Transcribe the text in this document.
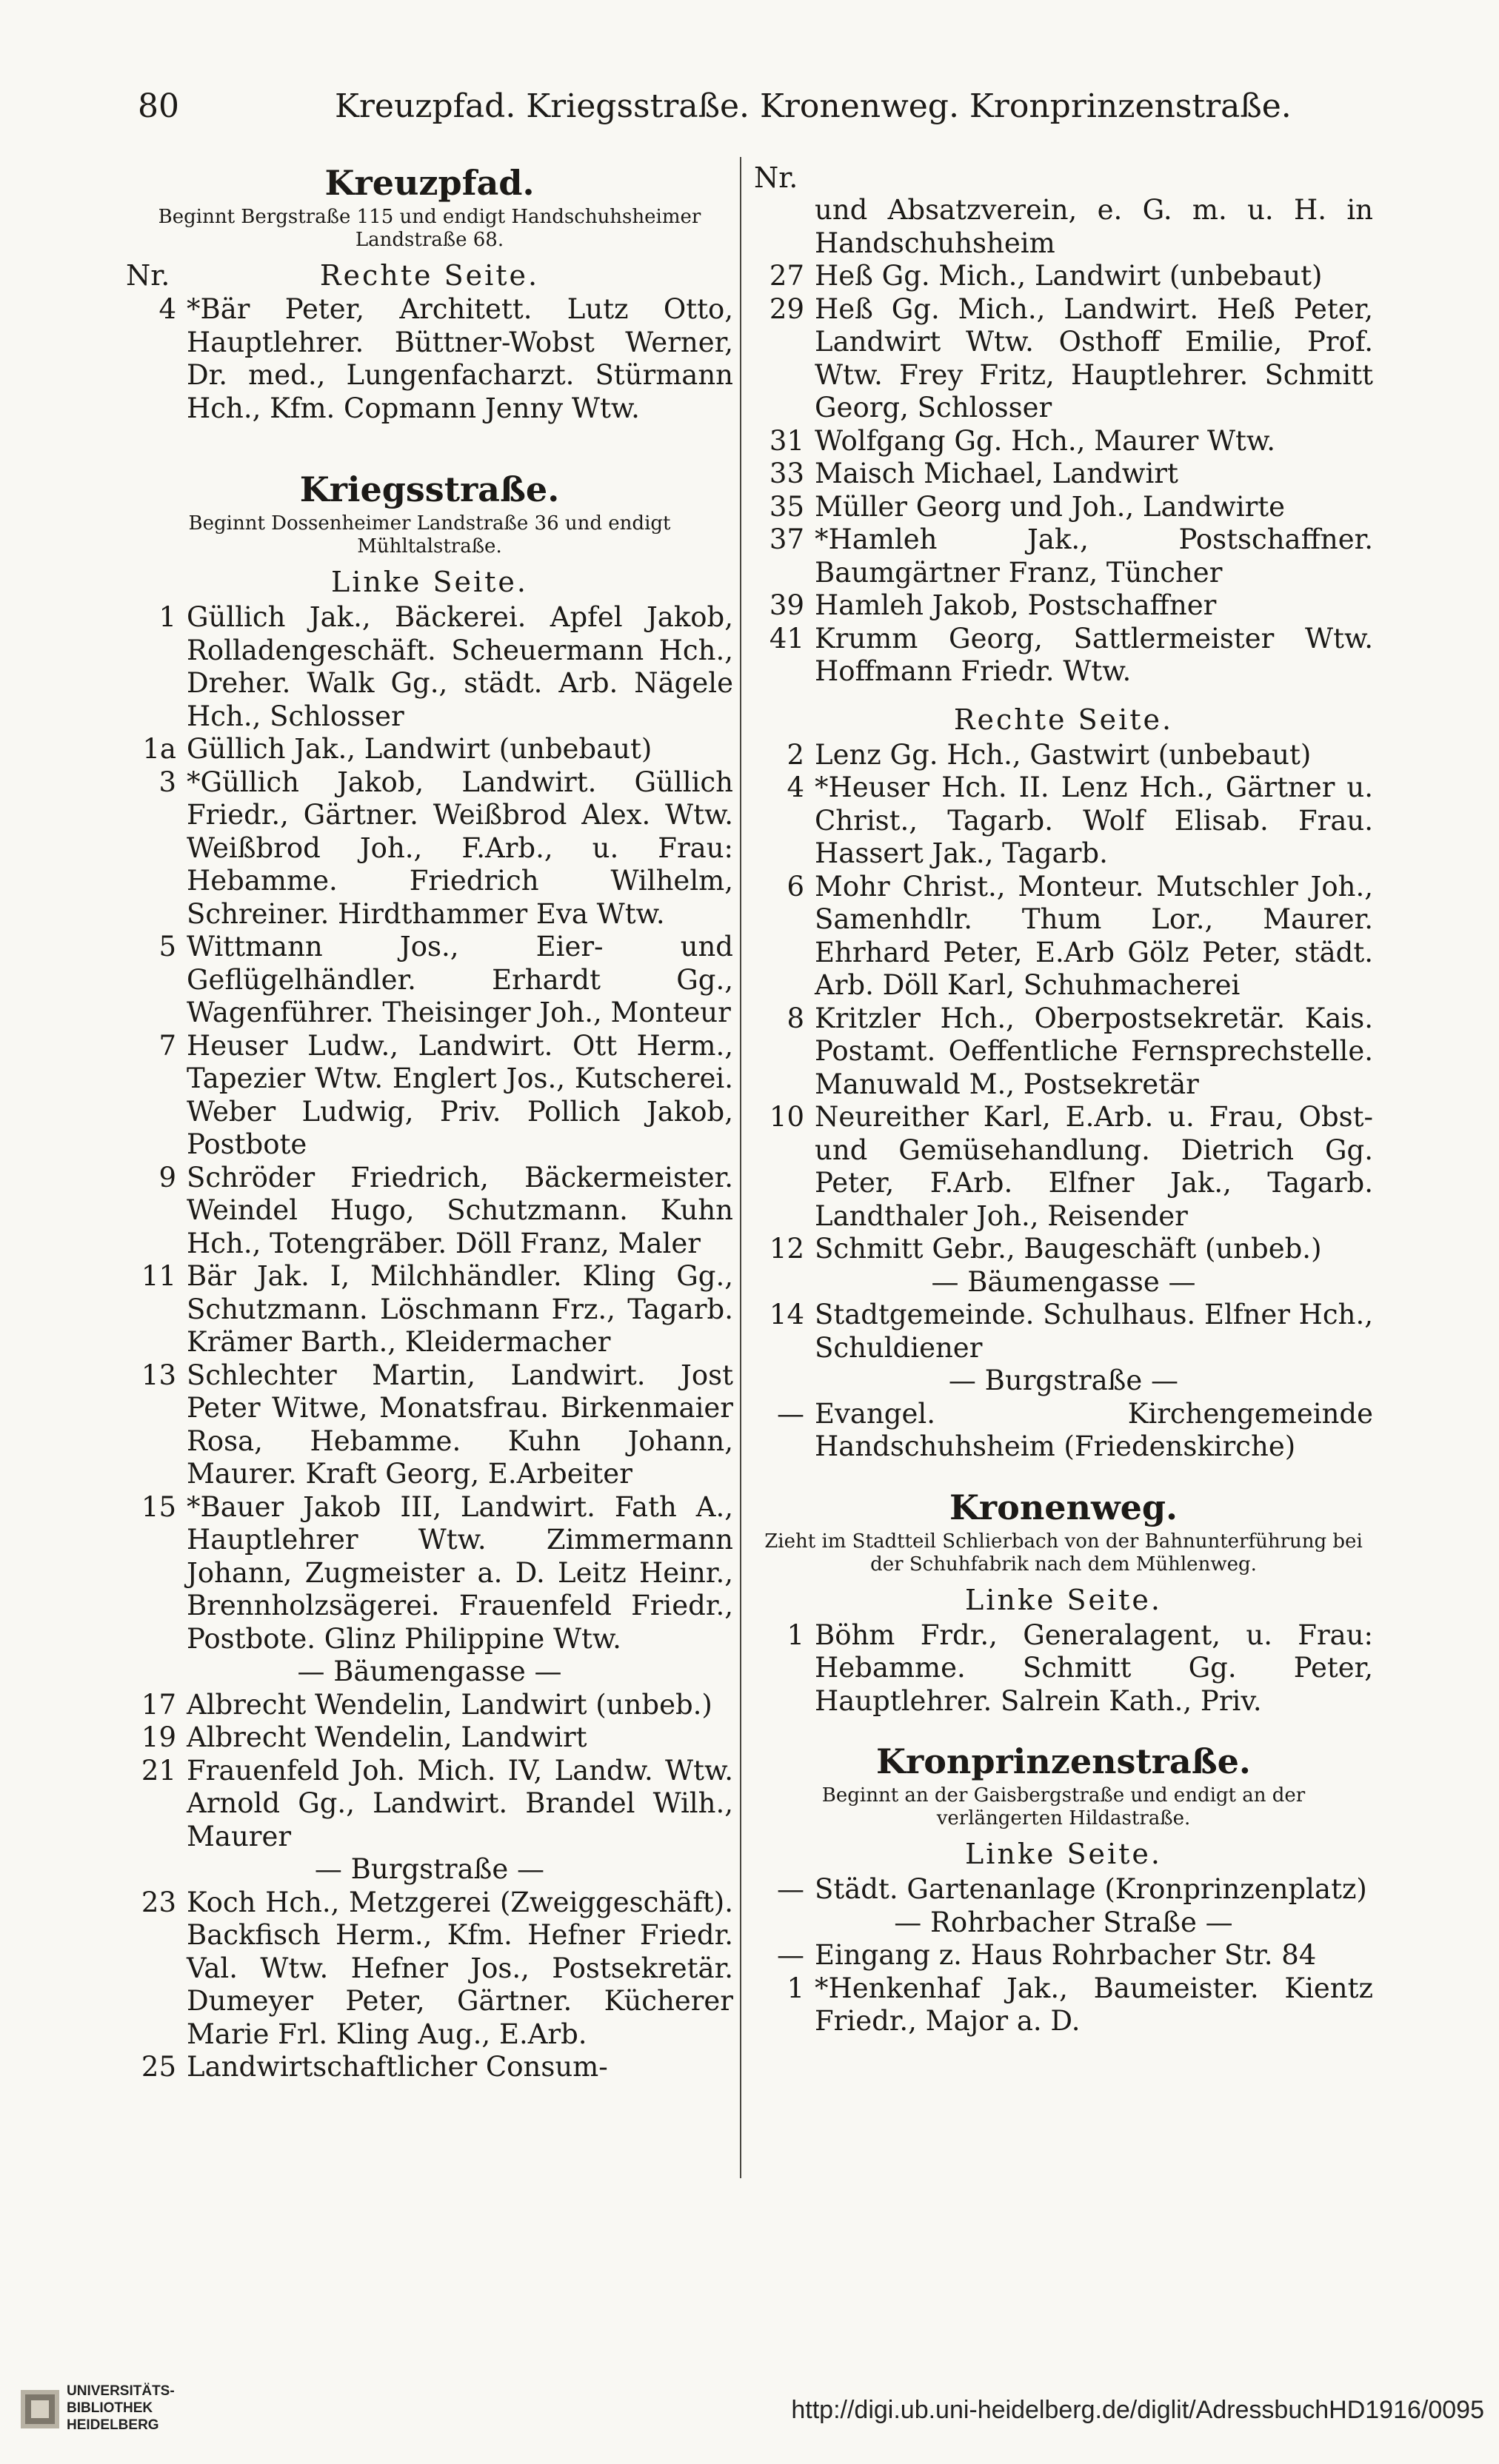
80	Kreuzpfad. Kriegsstraße. Kronenweg. Kronprinzenstraße.
Kreuzpfad.
Beginnt Bergstraße 115 und endigt Handschuhsheimer Landstraße 68.
Nr.	Rechte Seite.
4 *Bär Peter, Architett. Lutz Otto, Hauptlehrer. Büttner-Wobst Werner, Dr. med., Lungenfacharzt. Stürmann Hch., Kfm. Copmann Jenny Wtw.
Kriegsstraße.
Beginnt Dossenheimer Landstraße 36 und endigt Mühltalstraße.
Linke Seite.
1 Güllich Jak., Bäckerei. Apfel Jakob, Rolladengeschäft. Scheuermann Hch., Dreher. Walk Gg., städt. Arb. Nägele Hch., Schlosser
1a Güllich Jak., Landwirt (unbebaut)
3 *Güllich Jakob, Landwirt. Güllich Friedr., Gärtner. Weißbrod Alex. Wtw. Weißbrod Joh., F.Arb., u. Frau: Hebamme. Friedrich Wilhelm, Schreiner. Hirdthammer Eva Wtw.
5 Wittmann Jos., Eier- und Geflügelhändler. Erhardt Gg., Wagenführer. Theisinger Joh., Monteur
7 Heuser Ludw., Landwirt. Ott Herm., Tapezier Wtw. Englert Jos., Kutscherei. Weber Ludwig, Priv. Pollich Jakob, Postbote
9 Schröder Friedrich, Bäckermeister. Weindel Hugo, Schutzmann. Kuhn Hch., Totengräber. Döll Franz, Maler
11 Bär Jak. I, Milchhändler. Kling Gg., Schutzmann. Löschmann Frz., Tagarb. Krämer Barth., Kleidermacher
13 Schlechter Martin, Landwirt. Jost Peter Witwe, Monatsfrau. Birkenmaier Rosa, Hebamme. Kuhn Johann, Maurer. Kraft Georg, E.Arbeiter
15 *Bauer Jakob III, Landwirt. Fath A., Hauptlehrer Wtw. Zimmermann Johann, Zugmeister a. D. Leitz Heinr., Brennholzsägerei. Frauenfeld Friedr., Postbote. Glinz Philippine Wtw.
— Bäumengasse —
17 Albrecht Wendelin, Landwirt (unbeb.)
19 Albrecht Wendelin, Landwirt
21 Frauenfeld Joh. Mich. IV, Landw. Wtw. Arnold Gg., Landwirt. Brandel Wilh., Maurer
— Burgstraße —
23 Koch Hch., Metzgerei (Zweiggeschäft). Backfisch Herm., Kfm. Hefner Friedr. Val. Wtw. Hefner Jos., Postsekretär. Dumeyer Peter, Gärtner. Kücherer Marie Frl. Kling Aug., E.Arb.
25 Landwirtschaftlicher Consum-
Nr.
und Absatzverein, e. G. m. u. H. in Handschuhsheim
27 Heß Gg. Mich., Landwirt (unbebaut)
29 Heß Gg. Mich., Landwirt. Heß Peter, Landwirt Wtw. Osthoff Emilie, Prof. Wtw. Frey Fritz, Hauptlehrer. Schmitt Georg, Schlosser
31 Wolfgang Gg. Hch., Maurer Wtw.
33 Maisch Michael, Landwirt
35 Müller Georg und Joh., Landwirte
37 *Hamleh Jak., Postschaffner. Baumgärtner Franz, Tüncher
39 Hamleh Jakob, Postschaffner
41 Krumm Georg, Sattlermeister Wtw. Hoffmann Friedr. Wtw.
Rechte Seite.
2 Lenz Gg. Hch., Gastwirt (unbebaut)
4 *Heuser Hch. II. Lenz Hch., Gärtner u. Christ., Tagarb. Wolf Elisab. Frau. Hassert Jak., Tagarb.
6 Mohr Christ., Monteur. Mutschler Joh., Samenhdlr. Thum Lor., Maurer. Ehrhard Peter, E.Arb Gölz Peter, städt. Arb. Döll Karl, Schuhmacherei
8 Kritzler Hch., Oberpostsekretär. Kais. Postamt. Oeffentliche Fernsprechstelle. Manuwald M., Postsekretär
10 Neureither Karl, E.Arb. u. Frau, Obst- und Gemüsehandlung. Dietrich Gg. Peter, F.Arb. Elfner Jak., Tagarb. Landthaler Joh., Reisender
12 Schmitt Gebr., Baugeschäft (unbeb.)
— Bäumengasse —
14 Stadtgemeinde. Schulhaus. Elfner Hch., Schuldiener
— Burgstraße —
— Evangel. Kirchengemeinde Handschuhsheim (Friedenskirche)
Kronenweg.
Zieht im Stadtteil Schlierbach von der Bahnunterführung bei der Schuhfabrik nach dem Mühlenweg.
Linke Seite.
1 Böhm Frdr., Generalagent, u. Frau: Hebamme. Schmitt Gg. Peter, Hauptlehrer. Salrein Kath., Priv.
Kronprinzenstraße.
Beginnt an der Gaisbergstraße und endigt an der verlängerten Hildastraße.
Linke Seite.
— Städt. Gartenanlage (Kronprinzenplatz)
— Rohrbacher Straße —
— Eingang z. Haus Rohrbacher Str. 84
1 *Henkenhaf Jak., Baumeister. Kientz Friedr., Major a. D.
UNIVERSITÄTS-
BIBLIOTHEK
HEIDELBERG
http://digi.ub.uni-heidelberg.de/diglit/AdressbuchHD1916/0095
